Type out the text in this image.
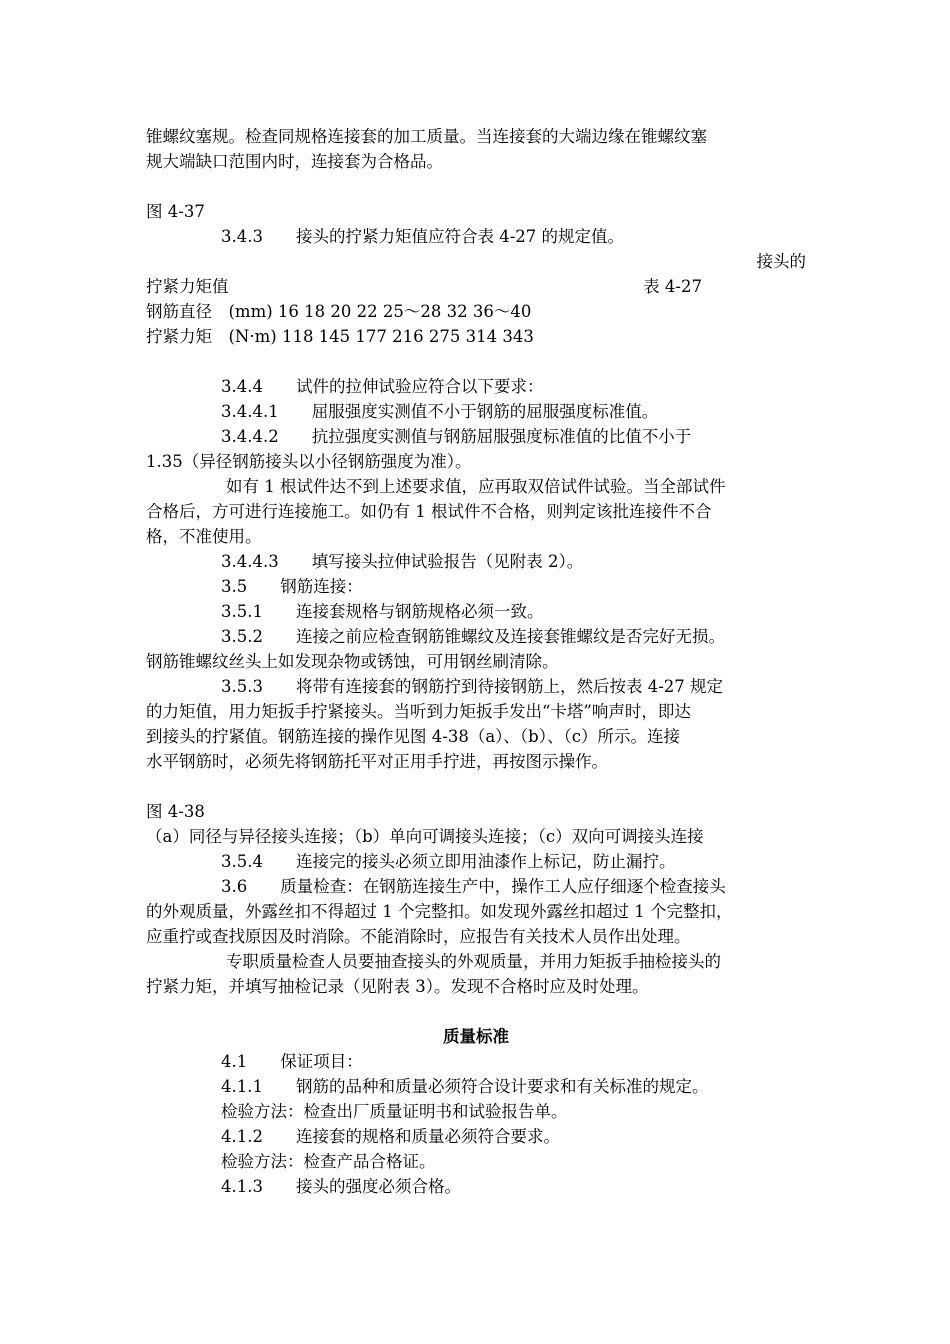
锥螺纹塞规。检查同规格连接套的加工质量。当连接套的大端边缘在锥螺纹塞
规大端缺口范围内时，连接套为合格品。
图 4-37
3.4.3　　接头的拧紧力矩值应符合表 4-27 的规定值。
接头的
拧紧力矩值	表 4-27
钢筋直径　(mm) 16 18 20 22 25～28 32 36～40
拧紧力矩　(N·m) 118 145 177 216 275 314 343
3.4.4　　试件的拉伸试验应符合以下要求：
3.4.4.1　　屈服强度实测值不小于钢筋的屈服强度标准值。
3.4.4.2　　抗拉强度实测值与钢筋屈服强度标准值的比值不小于
1.35（异径钢筋接头以小径钢筋强度为准）。
如有 1 根试件达不到上述要求值，应再取双倍试件试验。当全部试件
合格后，方可进行连接施工。如仍有 1 根试件不合格，则判定该批连接件不合
格，不准使用。
3.4.4.3　　填写接头拉伸试验报告（见附表 2）。
3.5　　钢筋连接：
3.5.1　　连接套规格与钢筋规格必须一致。
3.5.2　　连接之前应检查钢筋锥螺纹及连接套锥螺纹是否完好无损。
钢筋锥螺纹丝头上如发现杂物或锈蚀，可用钢丝刷清除。
3.5.3　　将带有连接套的钢筋拧到待接钢筋上，然后按表 4-27 规定
的力矩值，用力矩扳手拧紧接头。当听到力矩扳手发出“卡塔”响声时，即达
到接头的拧紧值。钢筋连接的操作见图 4-38（a）、（b）、（c）所示。连接
水平钢筋时，必须先将钢筋托平对正用手拧进，再按图示操作。
图 4-38
（a）同径与异径接头连接；（b）单向可调接头连接；（c）双向可调接头连接
3.5.4　　连接完的接头必须立即用油漆作上标记，防止漏拧。
3.6　　质量检查：在钢筋连接生产中，操作工人应仔细逐个检查接头
的外观质量，外露丝扣不得超过 1 个完整扣。如发现外露丝扣超过 1 个完整扣，
应重拧或查找原因及时消除。不能消除时，应报告有关技术人员作出处理。
专职质量检查人员要抽查接头的外观质量，并用力矩扳手抽检接头的
拧紧力矩，并填写抽检记录（见附表 3）。发现不合格时应及时处理。
质量标准
4.1　　保证项目：
4.1.1　　钢筋的品种和质量必须符合设计要求和有关标准的规定。
检验方法：检查出厂质量证明书和试验报告单。
4.1.2　　连接套的规格和质量必须符合要求。
检验方法：检查产品合格证。
4.1.3　　接头的强度必须合格。
